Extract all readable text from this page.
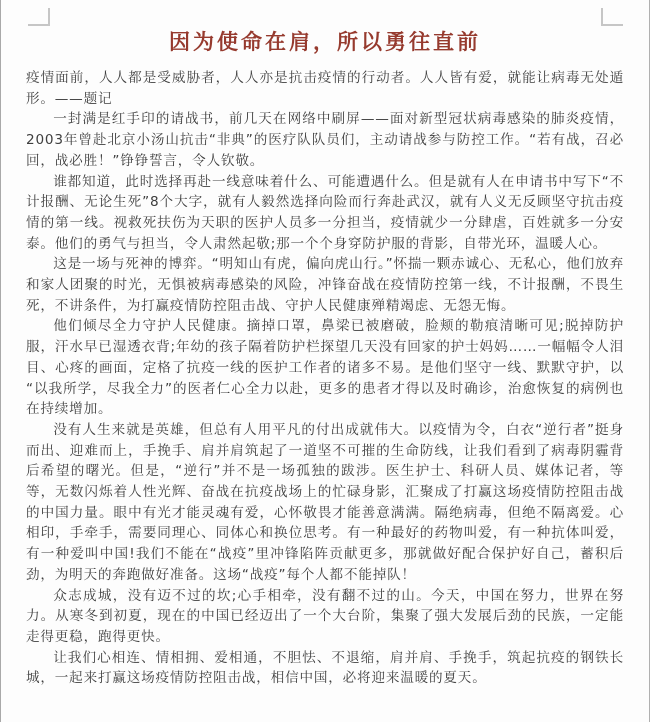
因为使命在肩，所以勇往直前

疫情面前，人人都是受威胁者，人人亦是抗击疫情的行动者。人人皆有爱，就能让病毒无处遁形。——题记

一封满是红手印的请战书，前几天在网络中刷屏——面对新型冠状病毒感染的肺炎疫情，2003年曾赴北京小汤山抗击“非典”的医疗队队员们，主动请战参与防控工作。“若有战，召必回，战必胜！”铮铮誓言，令人钦敬。

谁都知道，此时选择再赴一线意味着什么、可能遭遇什么。但是就有人在申请书中写下“不计报酬、无论生死”8个大字，就有人毅然选择向险而行奔赴武汉，就有人义无反顾坚守抗击疫情的第一线。视救死扶伤为天职的医护人员多一分担当，疫情就少一分肆虐，百姓就多一分安泰。他们的勇气与担当，令人肃然起敬;那一个个身穿防护服的背影，自带光环，温暖人心。

这是一场与死神的博弈。“明知山有虎，偏向虎山行。”怀揣一颗赤诚心、无私心，他们放弃和家人团聚的时光，无惧被病毒感染的风险，冲锋奋战在疫情防控第一线，不计报酬，不畏生死，不讲条件，为打赢疫情防控阻击战、守护人民健康殚精竭虑、无怨无悔。

他们倾尽全力守护人民健康。摘掉口罩，鼻梁已被磨破，脸颊的勒痕清晰可见;脱掉防护服，汗水早已湿透衣背;年幼的孩子隔着防护栏探望几天没有回家的护士妈妈……一幅幅令人泪目、心疼的画面，定格了抗疫一线的医护工作者的诸多不易。是他们坚守一线、默默守护，以“以我所学，尽我全力”的医者仁心全力以赴，更多的患者才得以及时确诊，治愈恢复的病例也在持续增加。

没有人生来就是英雄，但总有人用平凡的付出成就伟大。以疫情为令，白衣“逆行者”挺身而出、迎难而上，手挽手、肩并肩筑起了一道坚不可摧的生命防线，让我们看到了病毒阴霾背后希望的曙光。但是，“逆行”并不是一场孤独的跋涉。医生护士、科研人员、媒体记者，等等，无数闪烁着人性光辉、奋战在抗疫战场上的忙碌身影，汇聚成了打赢这场疫情防控阻击战的中国力量。眼中有光才能灵魂有爱，心怀敬畏才能善意满满。隔绝病毒，但绝不隔离爱。心相印，手牵手，需要同理心、同体心和换位思考。有一种最好的药物叫爱，有一种抗体叫爱，有一种爱叫中国!我们不能在“战疫”里冲锋陷阵贡献更多，那就做好配合保护好自己，蓄积后劲，为明天的奔跑做好准备。这场“战疫”每个人都不能掉队！

众志成城，没有迈不过的坎;心手相牵，没有翻不过的山。今天，中国在努力，世界在努力。从寒冬到初夏，现在的中国已经迈出了一个大台阶，集聚了强大发展后劲的民族，一定能走得更稳，跑得更快。

让我们心相连、情相拥、爱相通，不胆怯、不退缩，肩并肩、手挽手，筑起抗疫的钢铁长城，一起来打赢这场疫情防控阻击战，相信中国，必将迎来温暖的夏天。
